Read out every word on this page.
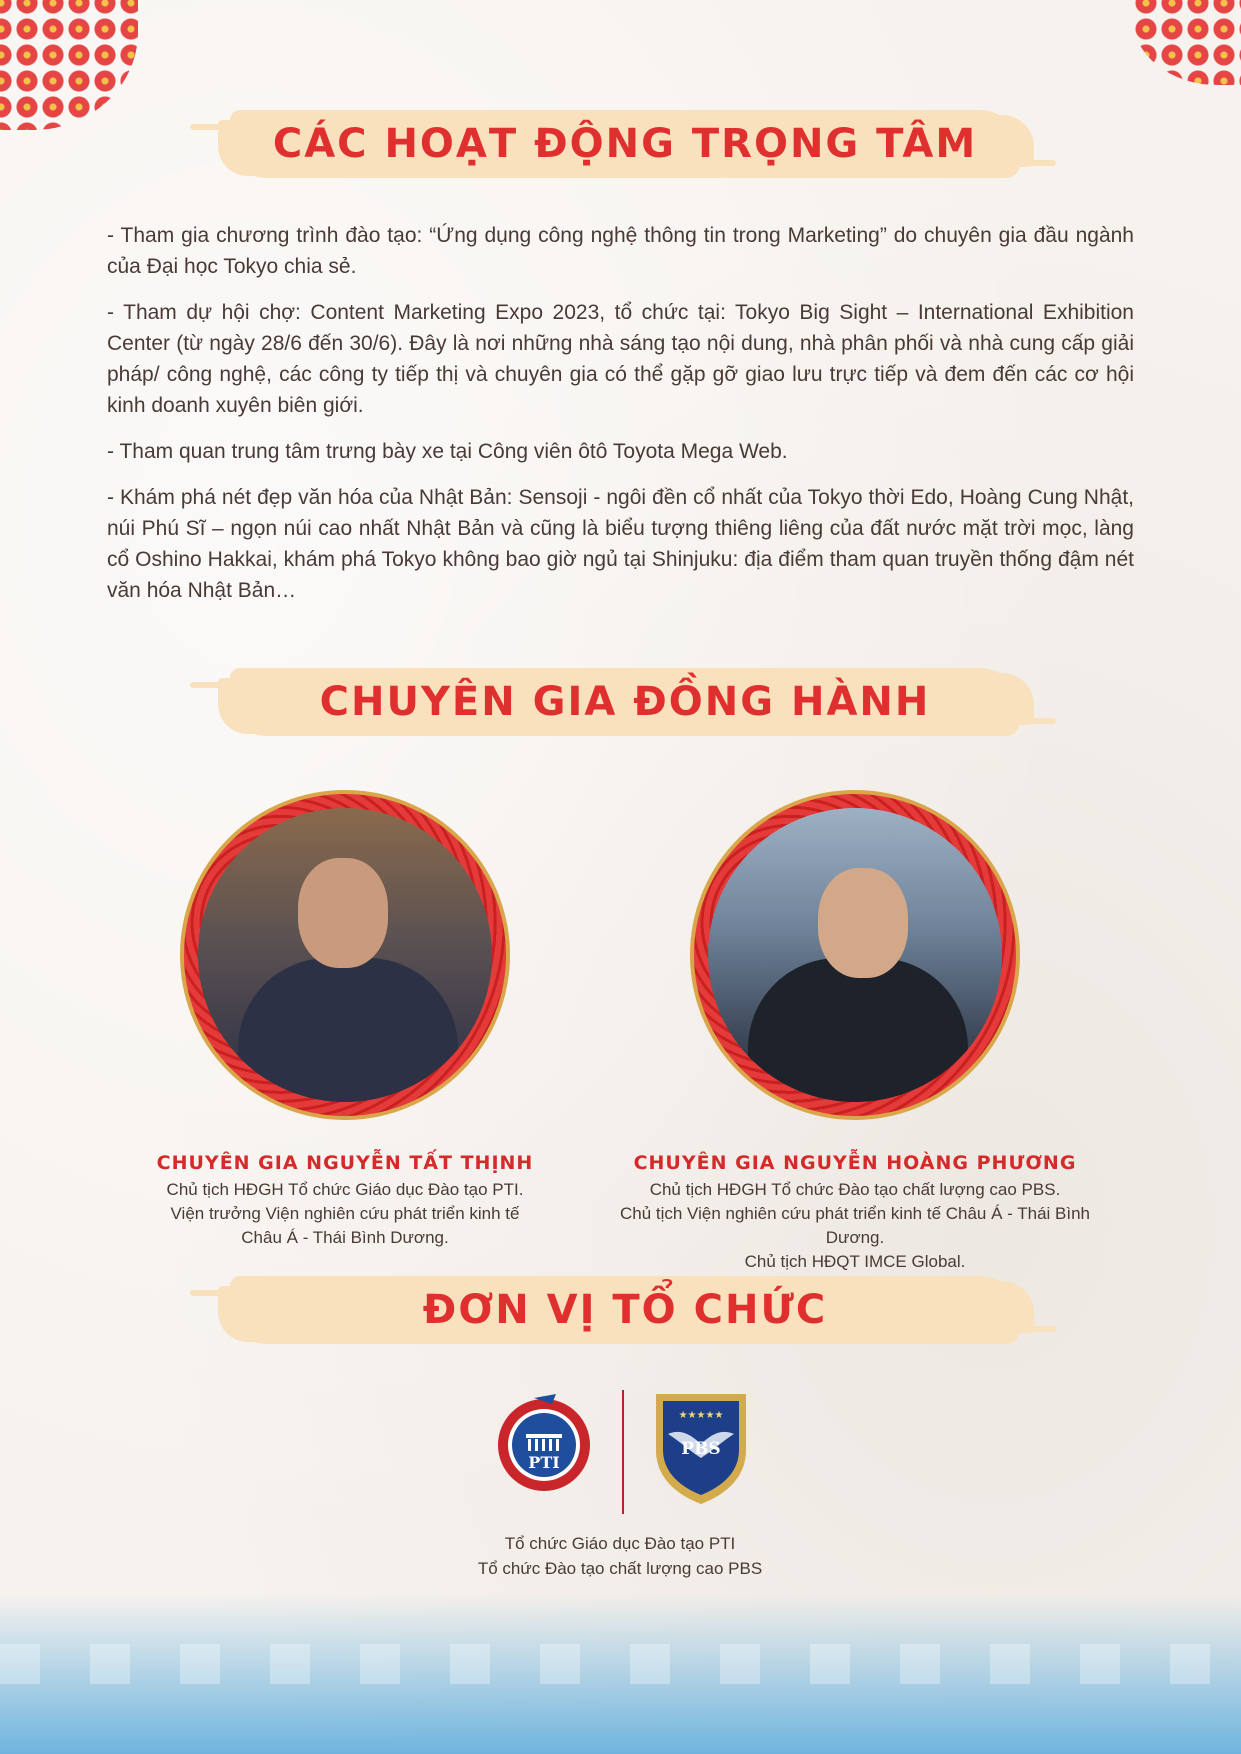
CÁC HOẠT ĐỘNG TRỌNG TÂM

- Tham gia chương trình đào tạo: “Ứng dụng công nghệ thông tin trong Marketing” do chuyên gia đầu ngành của Đại học Tokyo chia sẻ.

- Tham dự hội chợ: Content Marketing Expo 2023, tổ chức tại: Tokyo Big Sight – International Exhibition Center (từ ngày 28/6 đến 30/6). Đây là nơi những nhà sáng tạo nội dung, nhà phân phối và nhà cung cấp giải pháp/ công nghệ, các công ty tiếp thị và chuyên gia có thể gặp gỡ giao lưu trực tiếp và đem đến các cơ hội kinh doanh xuyên biên giới.

- Tham quan trung tâm trưng bày xe tại Công viên ôtô Toyota Mega Web.

- Khám phá nét đẹp văn hóa của Nhật Bản: Sensoji - ngôi đền cổ nhất của Tokyo thời Edo, Hoàng Cung Nhật, núi Phú Sĩ – ngọn núi cao nhất Nhật Bản và cũng là biểu tượng thiêng liêng của đất nước mặt trời mọc, làng cổ Oshino Hakkai, khám phá Tokyo không bao giờ ngủ tại Shinjuku: địa điểm tham quan truyền thống đậm nét văn hóa Nhật Bản…

CHUYÊN GIA ĐỒNG HÀNH
CHUYÊN GIA NGUYỄN TẤT THỊNH

Chủ tịch HĐGH Tổ chức Giáo dục Đào tạo PTI.

Viện trưởng Viện nghiên cứu phát triển kinh tế

Châu Á - Thái Bình Dương.

CHUYÊN GIA NGUYỄN HOÀNG PHƯƠNG

Chủ tịch HĐGH Tổ chức Đào tạo chất lượng cao PBS.

Chủ tịch Viện nghiên cứu phát triển kinh tế Châu Á - Thái Bình Dương.

Chủ tịch HĐQT IMCE Global.

ĐƠN VỊ TỔ CHỨC
PTI
★★★★★
PBS
Tổ chức Giáo dục Đào tạo PTI
Tổ chức Đào tạo chất lượng cao PBS
